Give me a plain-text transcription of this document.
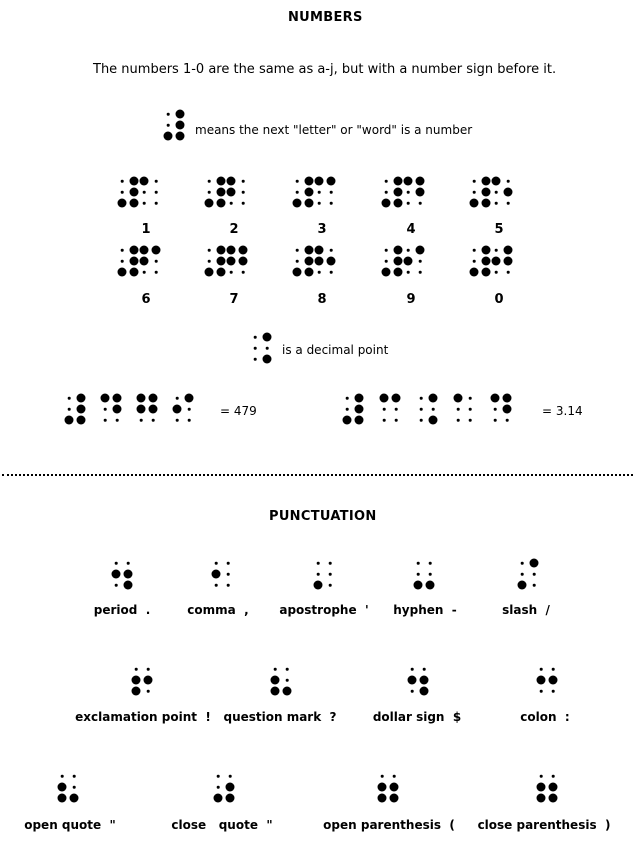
NUMBERS
The numbers 1-0 are the same as a-j, but with a number sign before it.
means the next "letter" or "word" is a number
1	2	3	4	5
6	7	8	9	0
is a decimal point
= 479	= 3.14
PUNCTUATION
period  .	comma  ,	apostrophe  ' hyphen  -	slash  /
exclamation point  ! question mark  ?	dollar sign  $	colon  :
open quote  "	close   quote  "	open parenthesis  ( close parenthesis  )
